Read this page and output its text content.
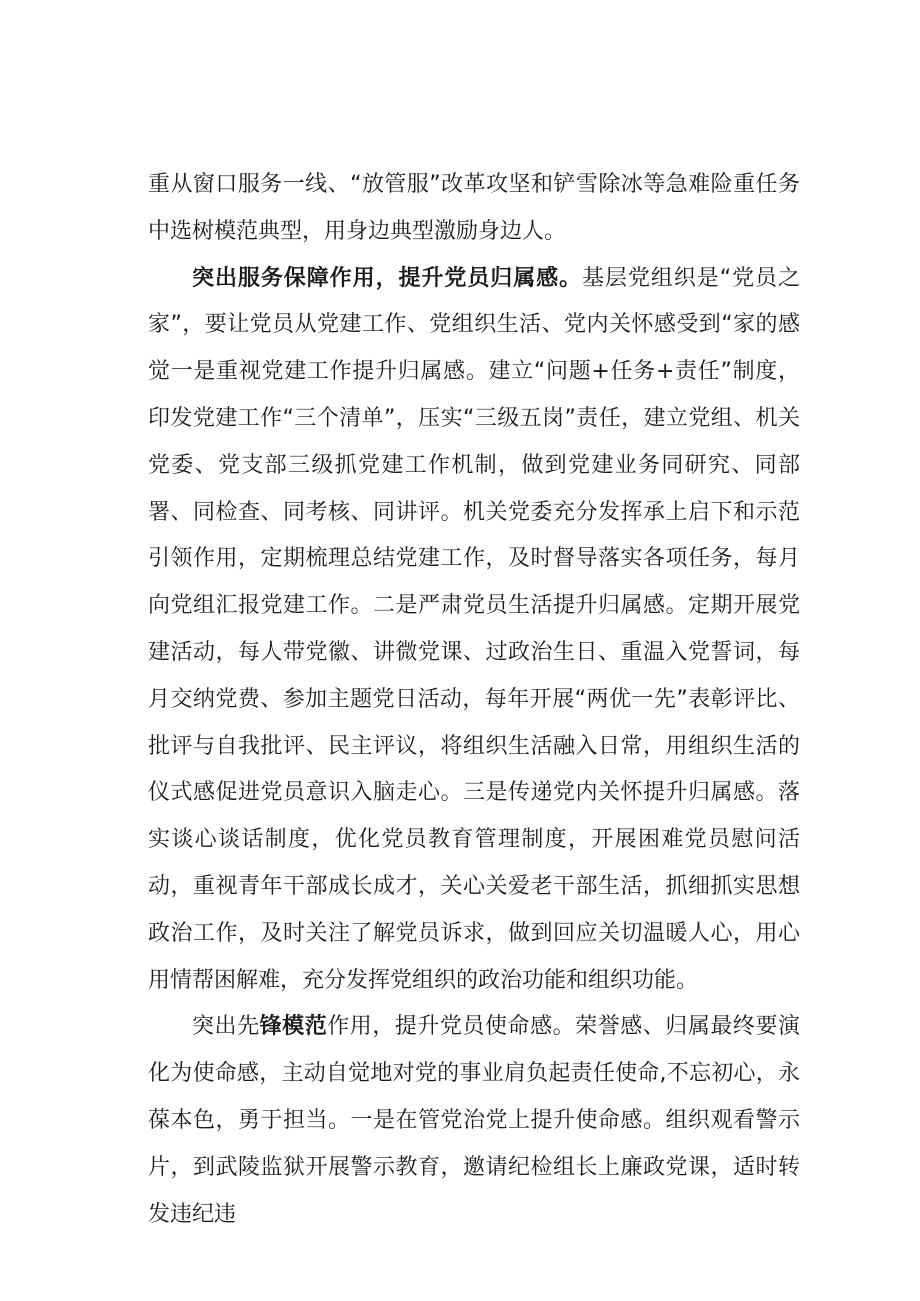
重从窗口服务一线、“放管服”改革攻坚和铲雪除冰等急难险重任务中选树模范典型，用身边典型激励身边人。

突出服务保障作用，提升党员归属感。基层党组织是“党员之家”，要让党员从党建工作、党组织生活、党内关怀感受到“家的感觉一是重视党建工作提升归属感。建立“问题+任务+责任”制度，印发党建工作“三个清单”，压实“三级五岗”责任，建立党组、机关党委、党支部三级抓党建工作机制，做到党建业务同研究、同部署、同检查、同考核、同讲评。机关党委充分发挥承上启下和示范引领作用，定期梳理总结党建工作，及时督导落实各项任务，每月向党组汇报党建工作。二是严肃党员生活提升归属感。定期开展党建活动，每人带党徽、讲微党课、过政治生日、重温入党誓词，每月交纳党费、参加主题党日活动，每年开展“两优一先”表彰评比、批评与自我批评、民主评议，将组织生活融入日常，用组织生活的仪式感促进党员意识入脑走心。三是传递党内关怀提升归属感。落实谈心谈话制度，优化党员教育管理制度，开展困难党员慰问活动，重视青年干部成长成才，关心关爱老干部生活，抓细抓实思想政治工作，及时关注了解党员诉求，做到回应关切温暖人心，用心用情帮困解难，充分发挥党组织的政治功能和组织功能。

突出先锋模范作用，提升党员使命感。荣誉感、归属最终要演化为使命感，主动自觉地对党的事业肩负起责任使命,不忘初心，永葆本色，勇于担当。一是在管党治党上提升使命感。组织观看警示片，到武陵监狱开展警示教育，邀请纪检组长上廉政党课，适时转发违纪违
